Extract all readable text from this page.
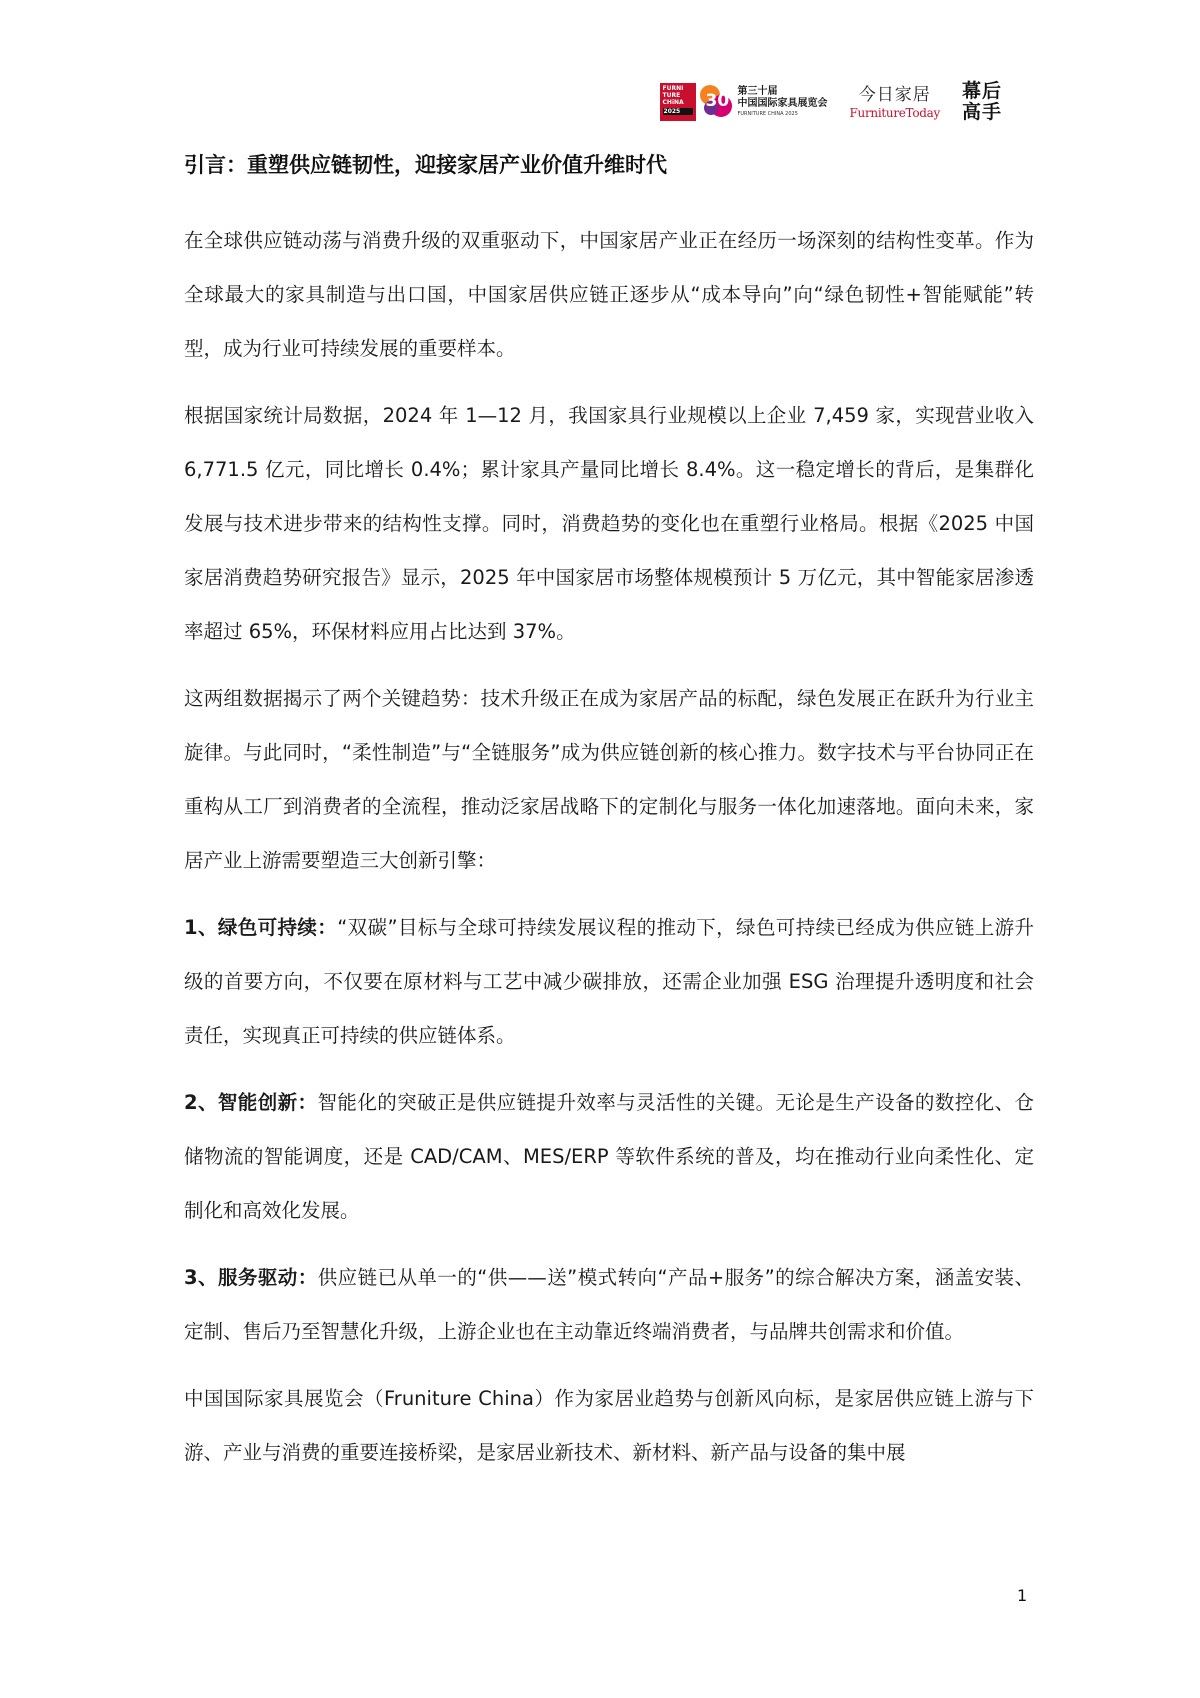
FURNI
TURE
CHiNA
2025
30 第三十届
中国国际家具展览会
FURNITURE CHINA 2025
今日家居
FurnitureToday
幕后
高手
引言：重塑供应链韧性，迎接家居产业价值升维时代

在全球供应链动荡与消费升级的双重驱动下，中国家居产业正在经历一场深刻的结构性变革。作为全球最大的家具制造与出口国，中国家居供应链正逐步从“成本导向”向“绿色韧性+智能赋能”转型，成为行业可持续发展的重要样本。

根据国家统计局数据，2024 年 1—12 月，我国家具行业规模以上企业 7,459 家，实现营业收入 6,771.5 亿元，同比增长 0.4%；累计家具产量同比增长 8.4%。这一稳定增长的背后，是集群化发展与技术进步带来的结构性支撑。同时，消费趋势的变化也在重塑行业格局。根据《2025 中国家居消费趋势研究报告》显示，2025 年中国家居市场整体规模预计 5 万亿元，其中智能家居渗透率超过 65%，环保材料应用占比达到 37%。

这两组数据揭示了两个关键趋势：技术升级正在成为家居产品的标配，绿色发展正在跃升为行业主旋律。与此同时，“柔性制造”与“全链服务”成为供应链创新的核心推力。数字技术与平台协同正在重构从工厂到消费者的全流程，推动泛家居战略下的定制化与服务一体化加速落地。面向未来，家居产业上游需要塑造三大创新引擎：

1、绿色可持续：“双碳”目标与全球可持续发展议程的推动下，绿色可持续已经成为供应链上游升级的首要方向，不仅要在原材料与工艺中减少碳排放，还需企业加强 ESG 治理提升透明度和社会责任，实现真正可持续的供应链体系。

2、智能创新：智能化的突破正是供应链提升效率与灵活性的关键。无论是生产设备的数控化、仓储物流的智能调度，还是 CAD/CAM、MES/ERP 等软件系统的普及，均在推动行业向柔性化、定制化和高效化发展。

3、服务驱动：供应链已从单一的“供——送”模式转向“产品+服务”的综合解决方案，涵盖安装、定制、售后乃至智慧化升级，上游企业也在主动靠近终端消费者，与品牌共创需求和价值。

中国国际家具展览会（Fruniture China）作为家居业趋势与创新风向标，是家居供应链上游与下游、产业与消费的重要连接桥梁，是家居业新技术、新材料、新产品与设备的集中展

1
